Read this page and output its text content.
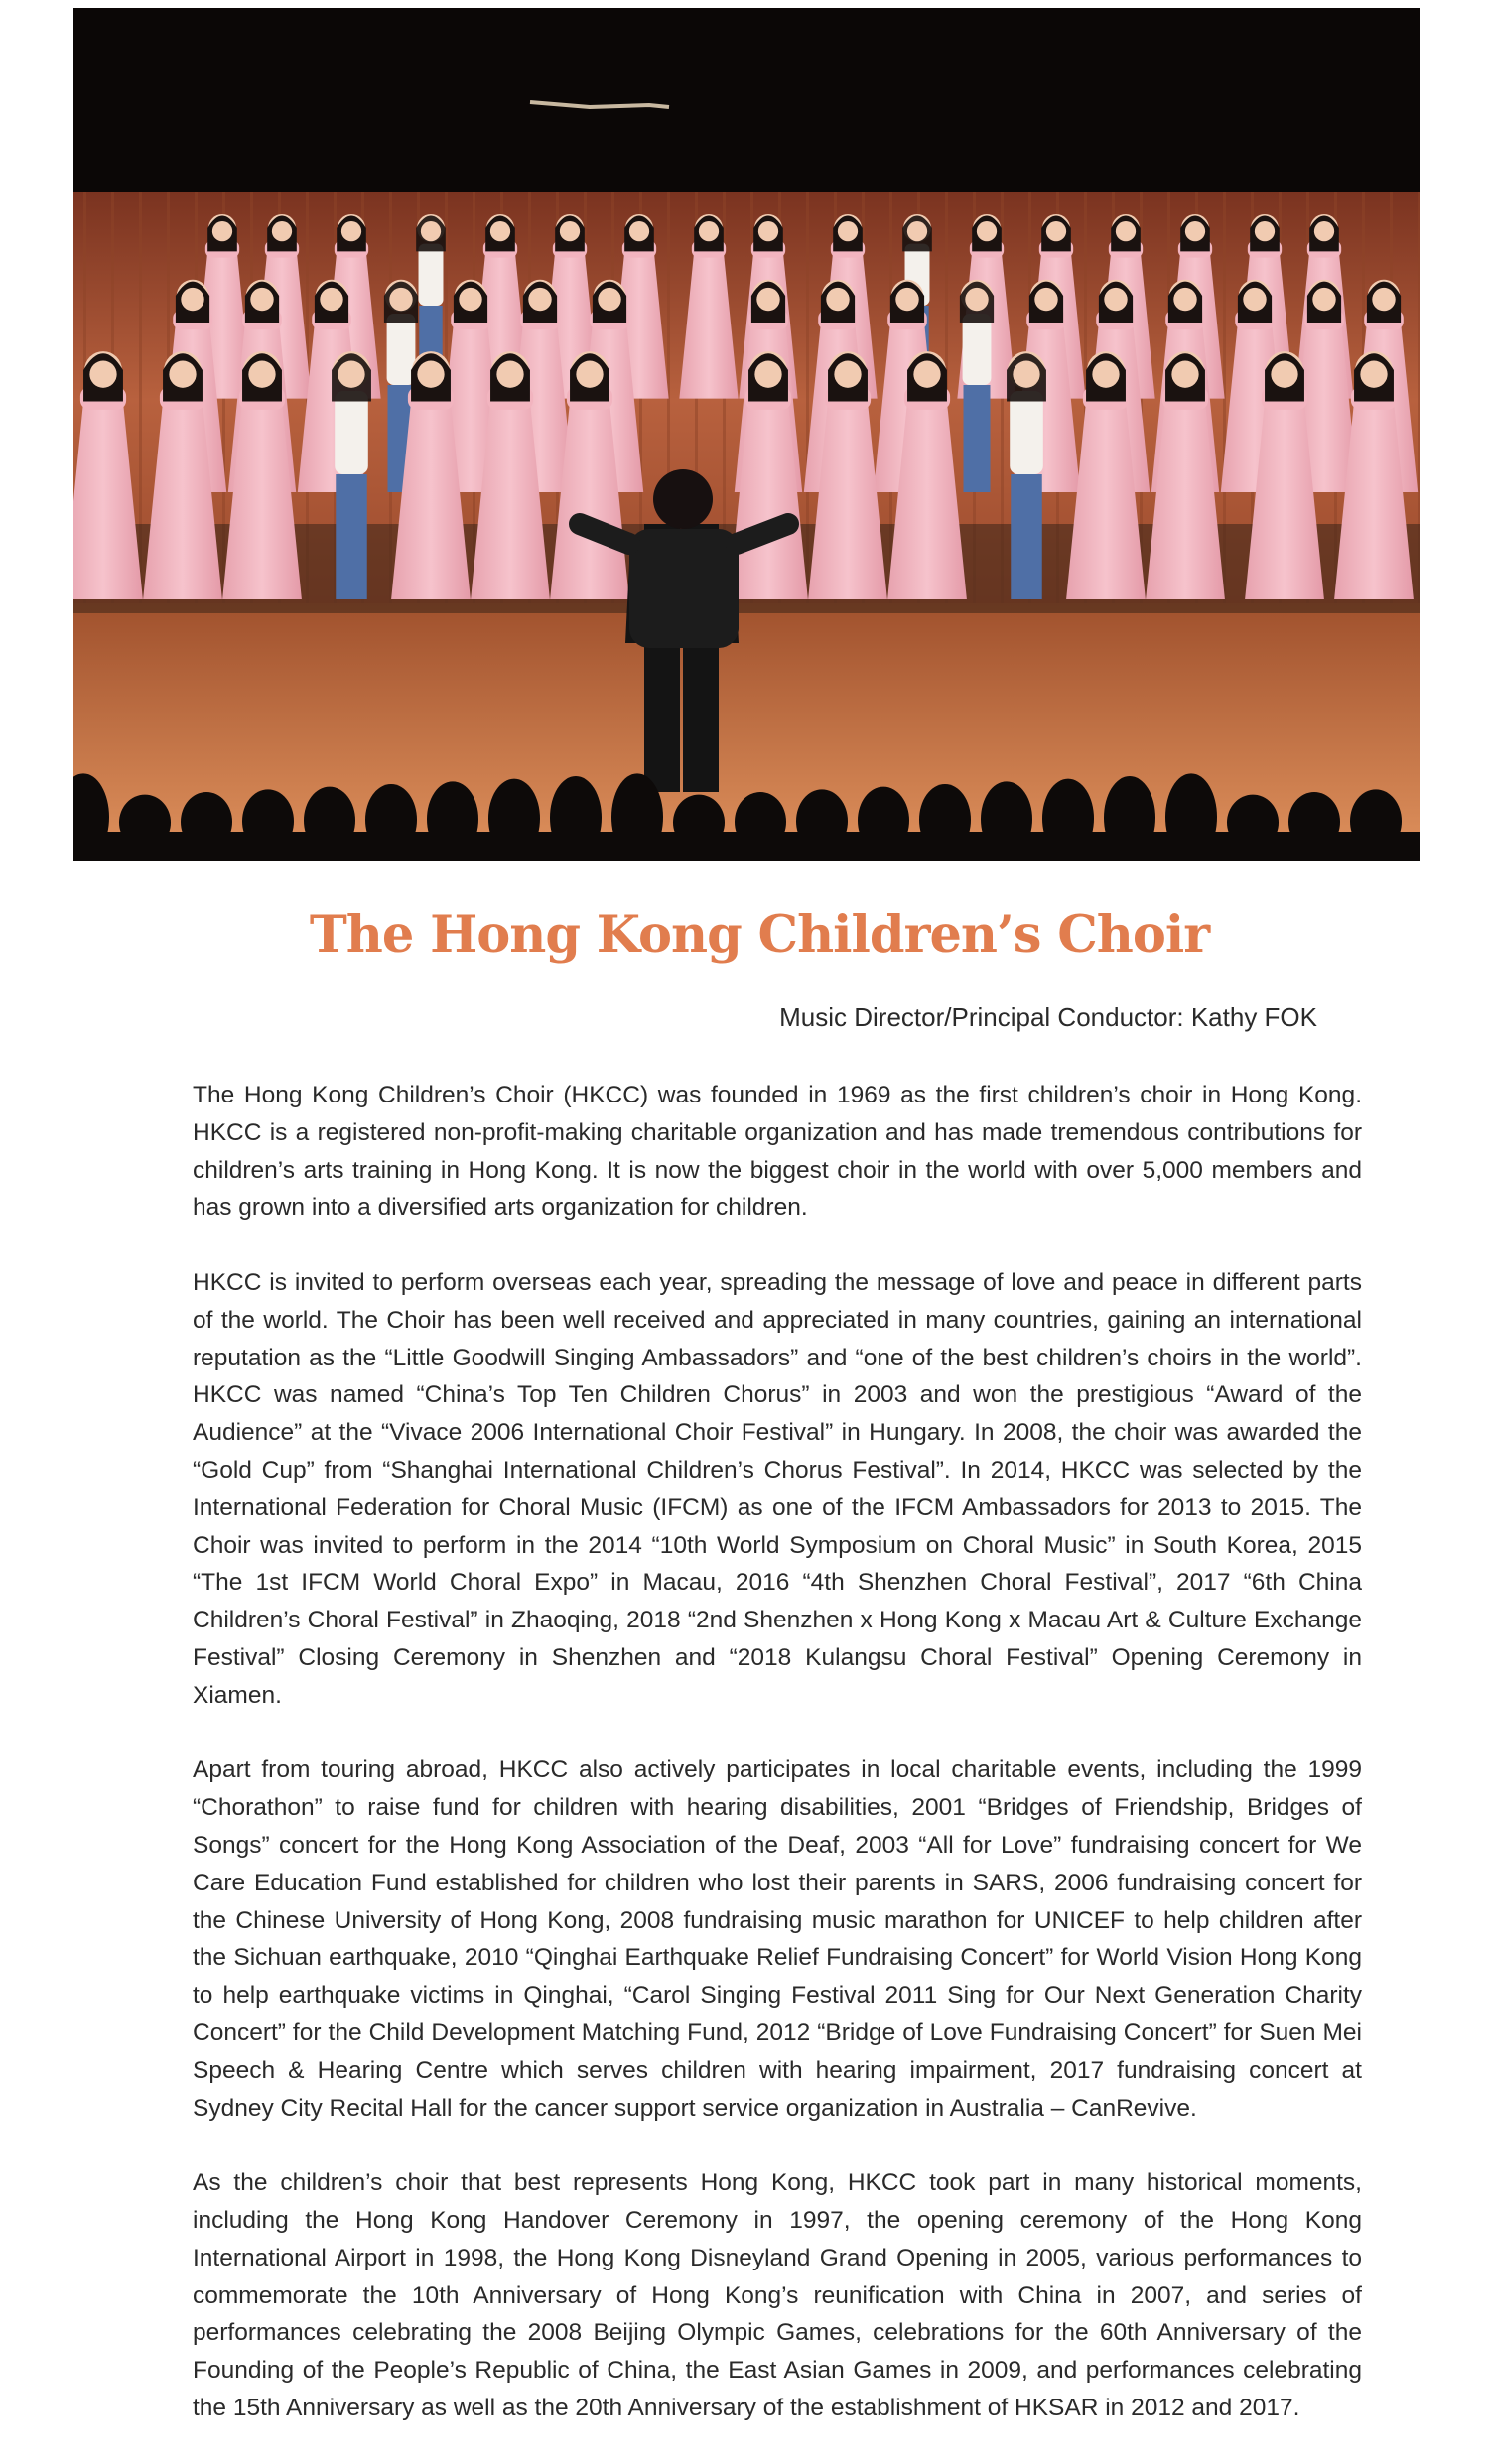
The Hong Kong Children’s Choir

Music Director/Principal Conductor: Kathy FOK

The Hong Kong Children’s Choir (HKCC) was founded in 1969 as the first children’s choir in Hong Kong. HKCC is a registered non-profit-making charitable organization and has made tremendous contributions for children’s arts training in Hong Kong. It is now the biggest choir in the world with over 5,000 members and has grown into a diversified arts organization for children.

HKCC is invited to perform overseas each year, spreading the message of love and peace in different parts of the world. The Choir has been well received and appreciated in many countries, gaining an international reputation as the “Little Goodwill Singing Ambassadors” and “one of the best children’s choirs in the world”. HKCC was named “China’s Top Ten Children Chorus” in 2003 and won the prestigious “Award of the Audience” at the “Vivace 2006 International Choir Festival” in Hungary. In 2008, the choir was awarded the “Gold Cup” from “Shanghai International Children’s Chorus Festival”. In 2014, HKCC was selected by the International Federation for Choral Music (IFCM) as one of the IFCM Ambassadors for 2013 to 2015. The Choir was invited to perform in the 2014 “10th World Symposium on Choral Music” in South Korea, 2015 “The 1st IFCM World Choral Expo” in Macau, 2016 “4th Shenzhen Choral Festival”, 2017 “6th China Children’s Choral Festival” in Zhaoqing, 2018 “2nd Shenzhen x Hong Kong x Macau Art & Culture Exchange Festival” Closing Ceremony in Shenzhen and “2018 Kulangsu Choral Festival” Opening Ceremony in Xiamen.

Apart from touring abroad, HKCC also actively participates in local charitable events, including the 1999 “Chorathon” to raise fund for children with hearing disabilities, 2001 “Bridges of Friendship, Bridges of Songs” concert for the Hong Kong Association of the Deaf, 2003 “All for Love” fundraising concert for We Care Education Fund established for children who lost their parents in SARS, 2006 fundraising concert for the Chinese University of Hong Kong, 2008 fundraising music marathon for UNICEF to help children after the Sichuan earthquake, 2010 “Qinghai Earthquake Relief Fundraising Concert” for World Vision Hong Kong to help earthquake victims in Qinghai, “Carol Singing Festival 2011 Sing for Our Next Generation Charity Concert” for the Child Development Matching Fund, 2012 “Bridge of Love Fundraising Concert” for Suen Mei Speech & Hearing Centre which serves children with hearing impairment, 2017 fundraising concert at Sydney City Recital Hall for the cancer support service organization in Australia – CanRevive.

As the children’s choir that best represents Hong Kong, HKCC took part in many historical moments, including the Hong Kong Handover Ceremony in 1997, the opening ceremony of the Hong Kong International Airport in 1998, the Hong Kong Disneyland Grand Opening in 2005, various performances to commemorate the 10th Anniversary of Hong Kong’s reunification with China in 2007, and series of performances celebrating the 2008 Beijing Olympic Games, celebrations for the 60th Anniversary of the Founding of the People’s Republic of China, the East Asian Games in 2009, and performances celebrating the 15th Anniversary as well as the 20th Anniversary of the establishment of HKSAR in 2012 and 2017.
